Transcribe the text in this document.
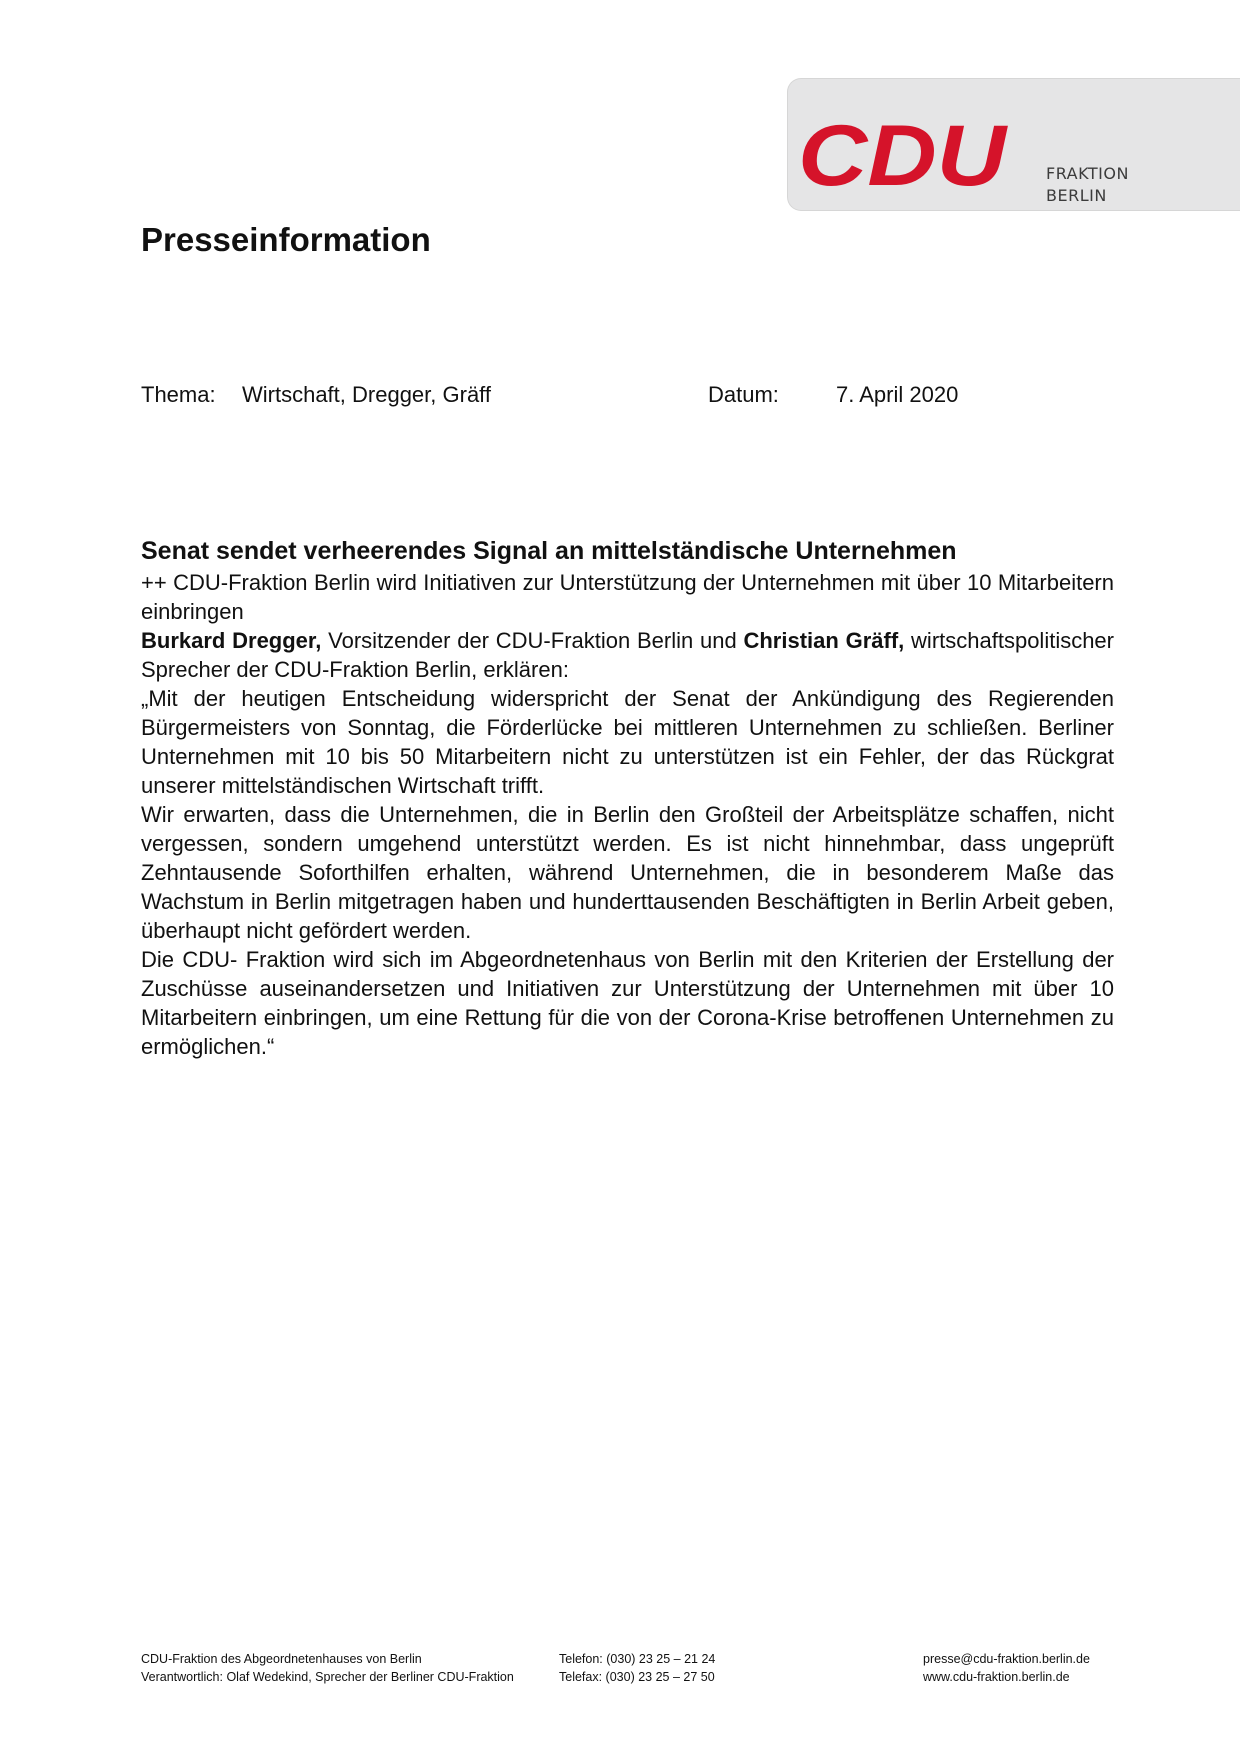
CDU FRAKTION
BERLIN
Presseinformation
Thema: Wirtschaft, Dregger, Gräff	Datum:	7. April 2020

Senat sendet verheerendes Signal an mittelständische Unternehmen

++ CDU-Fraktion Berlin wird Initiativen zur Unterstützung der Unternehmen mit über 10 Mitarbeitern einbringen

Burkard Dregger, Vorsitzender der CDU-Fraktion Berlin und Christian Gräff, wirtschaftspolitischer Sprecher der CDU-Fraktion Berlin, erklären:

„Mit der heutigen Entscheidung widerspricht der Senat der Ankündigung des Regierenden Bürgermeisters von Sonntag, die Förderlücke bei mittleren Unternehmen zu schließen. Berliner Unternehmen mit 10 bis 50 Mitarbeitern nicht zu unterstützen ist ein Fehler, der das Rückgrat unserer mittelständischen Wirtschaft trifft.

Wir erwarten, dass die Unternehmen, die in Berlin den Großteil der Arbeitsplätze schaffen, nicht vergessen, sondern umgehend unterstützt werden. Es ist nicht hinnehmbar, dass ungeprüft Zehntausende Soforthilfen erhalten, während Unternehmen, die in besonderem Maße das Wachstum in Berlin mitgetragen haben und hunderttausenden Beschäftigten in Berlin Arbeit geben, überhaupt nicht gefördert werden.

Die CDU- Fraktion wird sich im Abgeordnetenhaus von Berlin mit den Kriterien der Erstellung der Zuschüsse auseinandersetzen und Initiativen zur Unterstützung der Unternehmen mit über 10 Mitarbeitern einbringen, um eine Rettung für die von der Corona-Krise betroffenen Unternehmen zu ermöglichen.“

CDU-Fraktion des Abgeordnetenhauses von Berlin
Verantwortlich: Olaf Wedekind, Sprecher der Berliner CDU-Fraktion
Telefon: (030) 23 25 – 21 24
Telefax: (030) 23 25 – 27 50
presse@cdu-fraktion.berlin.de
www.cdu-fraktion.berlin.de
